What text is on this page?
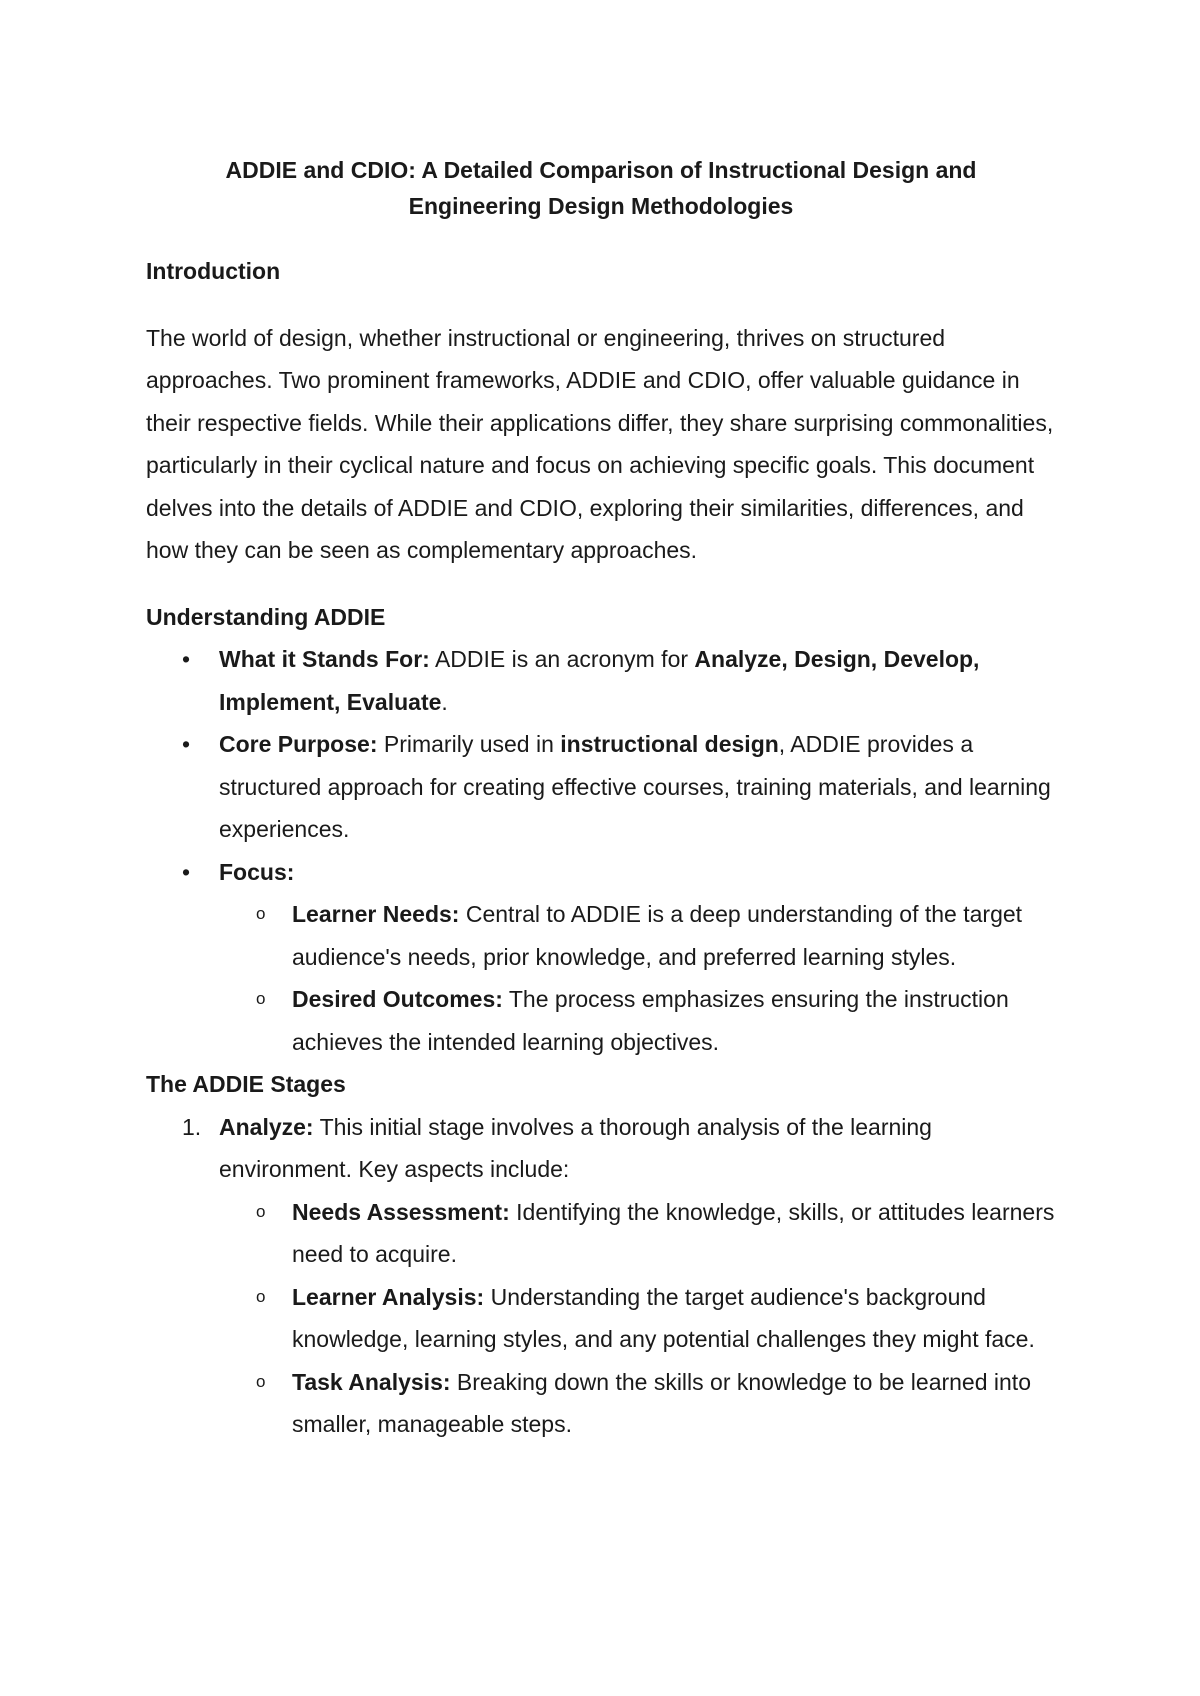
ADDIE and CDIO: A Detailed Comparison of Instructional Design and
Engineering Design Methodologies

Introduction

The world of design, whether instructional or engineering, thrives on structured approaches. Two prominent frameworks, ADDIE and CDIO, offer valuable guidance in their respective fields. While their applications differ, they share surprising commonalities, particularly in their cyclical nature and focus on achieving specific goals. This document delves into the details of ADDIE and CDIO, exploring their similarities, differences, and how they can be seen as complementary approaches.

Understanding ADDIE

•	What it Stands For: ADDIE is an acronym for Analyze, Design, Develop, Implement, Evaluate.
•	Core Purpose: Primarily used in instructional design, ADDIE provides a structured approach for creating effective courses, training materials, and learning experiences.
•	Focus:
o	Learner Needs: Central to ADDIE is a deep understanding of the target audience's needs, prior knowledge, and preferred learning styles.
o	Desired Outcomes: The process emphasizes ensuring the instruction achieves the intended learning objectives.

The ADDIE Stages

1. Analyze: This initial stage involves a thorough analysis of the learning environment. Key aspects include:
o	Needs Assessment: Identifying the knowledge, skills, or attitudes learners need to acquire.
o	Learner Analysis: Understanding the target audience's background knowledge, learning styles, and any potential challenges they might face.
o	Task Analysis: Breaking down the skills or knowledge to be learned into smaller, manageable steps.
